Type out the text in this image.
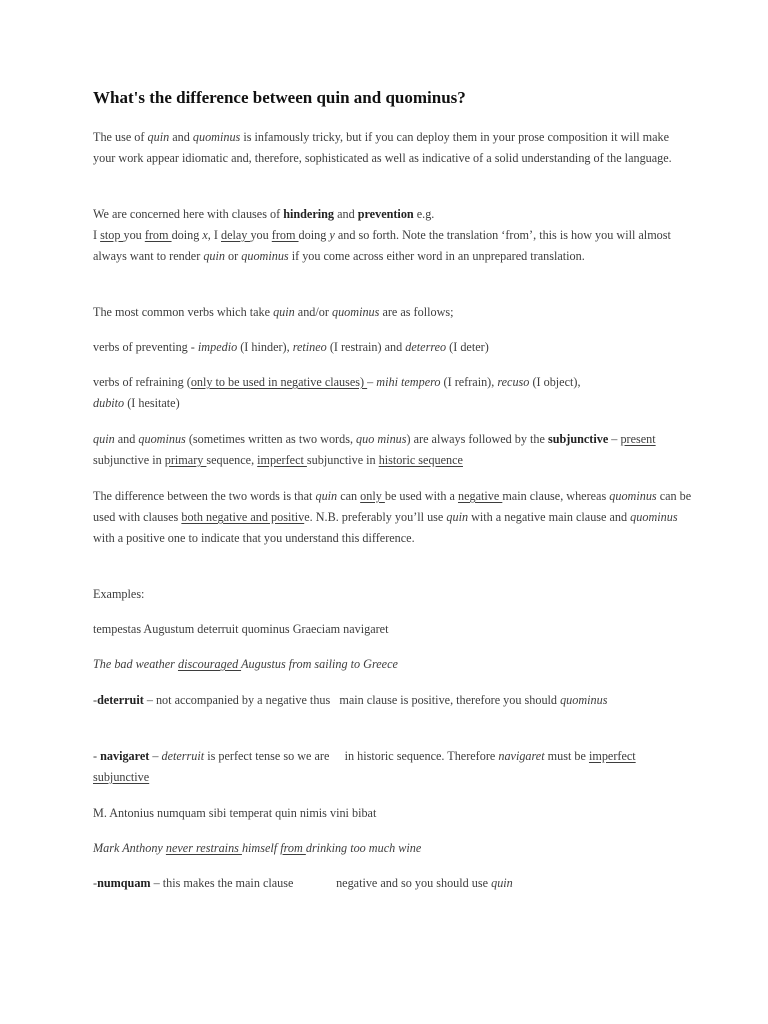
What's the difference between quin and quominus?
The use of quin and quominus is infamously tricky, but if you can deploy them in your prose composition it will make your work appear idiomatic and, therefore, sophisticated as well as indicative of a solid understanding of the language.
We are concerned here with clauses of hindering and prevention e.g.
I stop you from doing x, I delay you from doing y and so forth. Note the translation ‘from’, this is how you will almost always want to render quin or quominus if you come across either word in an unprepared translation.
The most common verbs which take quin and/or quominus are as follows;
verbs of preventing - impedio (I hinder), retineo (I restrain) and deterreo (I deter)
verbs of refraining (only to be used in negative clauses) – mihi tempero (I refrain), recuso (I object), dubito (I hesitate)
quin and quominus (sometimes written as two words, quo minus) are always followed by the subjunctive – present subjunctive in primary sequence, imperfect subjunctive in historic sequence
The difference between the two words is that quin can only be used with a negative main clause, whereas quominus can be used with clauses both negative and positive. N.B. preferably you’ll use quin with a negative main clause and quominus with a positive one to indicate that you understand this difference.
Examples:
tempestas Augustum deterruit quominus Graeciam navigaret
The bad weather discouraged Augustus from sailing to Greece
-deterruit – not accompanied by a negative thus   main clause is positive, therefore you should quominus
- navigaret – deterruit is perfect tense so we are     in historic sequence. Therefore navigaret must be imperfect subjunctive
M. Antonius numquam sibi temperat quin nimis vini bibat
Mark Anthony never restrains himself from drinking too much wine
-numquam – this makes the main clause              negative and so you should use quin
